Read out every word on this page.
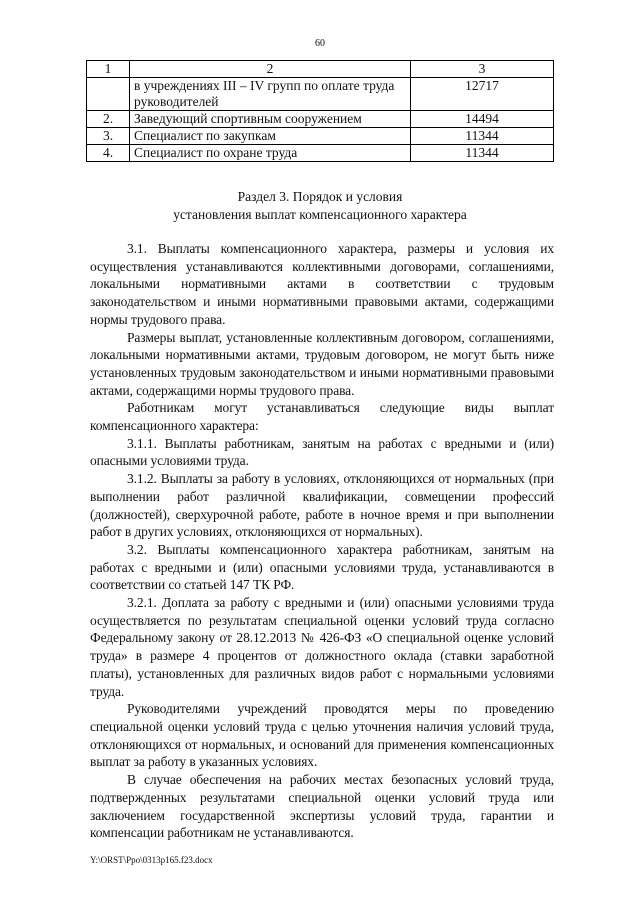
60
1	2	3
	в учреждениях III – IV групп по оплате труда руководителей	12717
2.	Заведующий спортивным сооружением	14494
3.	Специалист по закупкам	11344
4.	Специалист по охране труда	11344
Раздел 3. Порядок и условия
установления выплат компенсационного характера

3.1. Выплаты компенсационного характера, размеры и условия их осуществления устанавливаются коллективными договорами, соглашениями, локальными нормативными актами в соответствии с трудовым законодательством и иными нормативными правовыми актами, содержащими нормы трудового права.

Размеры выплат, установленные коллективным договором, соглашениями, локальными нормативными актами, трудовым договором, не могут быть ниже установленных трудовым законодательством и иными нормативными правовыми актами, содержащими нормы трудового права.

Работникам могут устанавливаться следующие виды выплат компенсационного характера:

3.1.1. Выплаты работникам, занятым на работах с вредными и (или) опасными условиями труда.

3.1.2. Выплаты за работу в условиях, отклоняющихся от нормальных (при выполнении работ различной квалификации, совмещении профессий (должностей), сверхурочной работе, работе в ночное время и при выполнении работ в других условиях, отклоняющихся от нормальных).

3.2. Выплаты компенсационного характера работникам, занятым на работах с вредными и (или) опасными условиями труда, устанавливаются в соответствии со статьей 147 ТК РФ.

3.2.1. Доплата за работу с вредными и (или) опасными условиями труда осуществляется по результатам специальной оценки условий труда согласно Федеральному закону от 28.12.2013 № 426-ФЗ «О специальной оценке условий труда» в размере 4 процентов от должностного оклада (ставки заработной платы), установленных для различных видов работ с нормальными условиями труда.

Руководителями учреждений проводятся меры по проведению специальной оценки условий труда с целью уточнения наличия условий труда, отклоняющихся от нормальных, и оснований для применения компенсационных выплат за работу в указанных условиях.

В случае обеспечения на рабочих местах безопасных условий труда, подтвержденных результатами специальной оценки условий труда или заключением государственной экспертизы условий труда, гарантии и компенсации работникам не устанавливаются.

Y:\ORST\Ppo\0313p165.f23.docx
